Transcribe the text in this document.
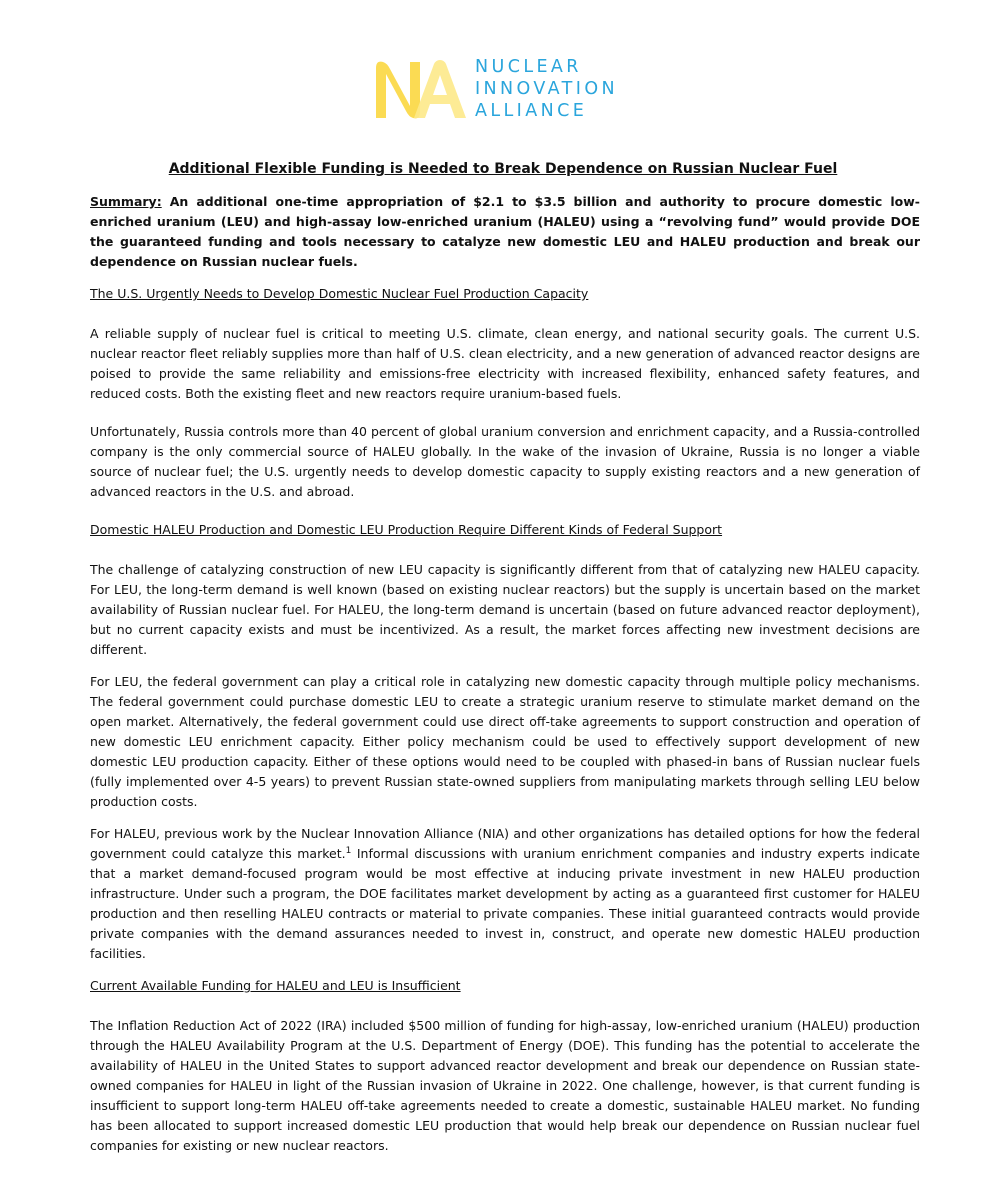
NUCLEAR
INNOVATION
ALLIANCE
Additional Flexible Funding is Needed to Break Dependence on Russian Nuclear Fuel

Summary: An additional one-time appropriation of $2.1 to $3.5 billion and authority to procure domestic low-enriched uranium (LEU) and high-assay low-enriched uranium (HALEU) using a “revolving fund” would provide DOE the guaranteed funding and tools necessary to catalyze new domestic LEU and HALEU production and break our dependence on Russian nuclear fuels.

The U.S. Urgently Needs to Develop Domestic Nuclear Fuel Production Capacity

A reliable supply of nuclear fuel is critical to meeting U.S. climate, clean energy, and national security goals. The current U.S. nuclear reactor fleet reliably supplies more than half of U.S. clean electricity, and a new generation of advanced reactor designs are poised to provide the same reliability and emissions-free electricity with increased flexibility, enhanced safety features, and reduced costs. Both the existing fleet and new reactors require uranium-based fuels.

Unfortunately, Russia controls more than 40 percent of global uranium conversion and enrichment capacity, and a Russia-controlled company is the only commercial source of HALEU globally. In the wake of the invasion of Ukraine, Russia is no longer a viable source of nuclear fuel; the U.S. urgently needs to develop domestic capacity to supply existing reactors and a new generation of advanced reactors in the U.S. and abroad.

Domestic HALEU Production and Domestic LEU Production Require Different Kinds of Federal Support

The challenge of catalyzing construction of new LEU capacity is significantly different from that of catalyzing new HALEU capacity. For LEU, the long-term demand is well known (based on existing nuclear reactors) but the supply is uncertain based on the market availability of Russian nuclear fuel. For HALEU, the long-term demand is uncertain (based on future advanced reactor deployment), but no current capacity exists and must be incentivized. As a result, the market forces affecting new investment decisions are different.

For LEU, the federal government can play a critical role in catalyzing new domestic capacity through multiple policy mechanisms. The federal government could purchase domestic LEU to create a strategic uranium reserve to stimulate market demand on the open market. Alternatively, the federal government could use direct off-take agreements to support construction and operation of new domestic LEU enrichment capacity. Either policy mechanism could be used to effectively support development of new domestic LEU production capacity. Either of these options would need to be coupled with phased-in bans of Russian nuclear fuels (fully implemented over 4-5 years) to prevent Russian state-owned suppliers from manipulating markets through selling LEU below production costs.

For HALEU, previous work by the Nuclear Innovation Alliance (NIA) and other organizations has detailed options for how the federal government could catalyze this market.$^1$ Informal discussions with uranium enrichment companies and industry experts indicate that a market demand-focused program would be most effective at inducing private investment in new HALEU production infrastructure. Under such a program, the DOE facilitates market development by acting as a guaranteed first customer for HALEU production and then reselling HALEU contracts or material to private companies. These initial guaranteed contracts would provide private companies with the demand assurances needed to invest in, construct, and operate new domestic HALEU production facilities.

Current Available Funding for HALEU and LEU is Insufficient

The Inflation Reduction Act of 2022 (IRA) included $500 million of funding for high-assay, low-enriched uranium (HALEU) production through the HALEU Availability Program at the U.S. Department of Energy (DOE). This funding has the potential to accelerate the availability of HALEU in the United States to support advanced reactor development and break our dependence on Russian state-owned companies for HALEU in light of the Russian invasion of Ukraine in 2022. One challenge, however, is that current funding is insufficient to support long-term HALEU off-take agreements needed to create a domestic, sustainable HALEU market. No funding has been allocated to support increased domestic LEU production that would help break our dependence on Russian nuclear fuel companies for existing or new nuclear reactors.
